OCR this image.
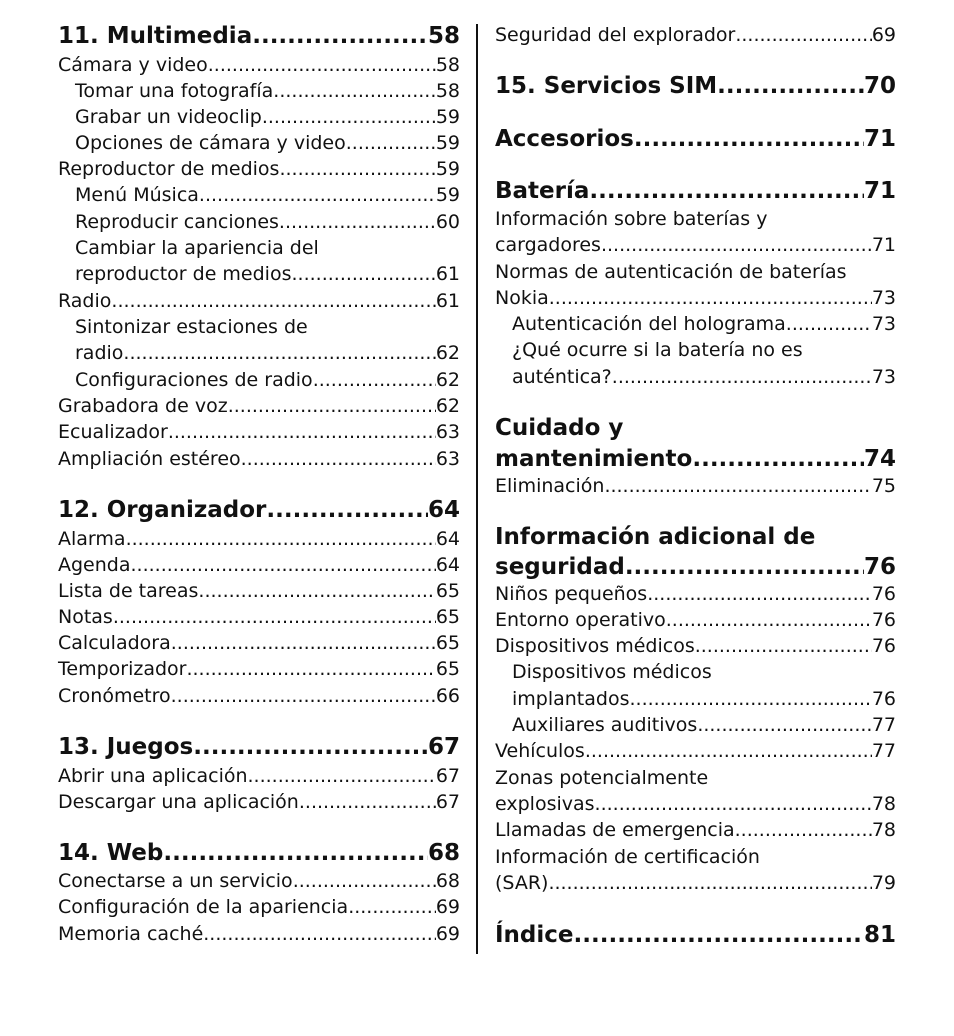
11. Multimedia .....	58
Cámara y video .....	58
Tomar una fotografía .....	58
Grabar un videoclip .....	59
Opciones de cámara y video .....	59
Reproductor de medios .....	59
Menú Música .....	59
Reproducir canciones .....	60
Cambiar la apariencia del
reproductor de medios .....	61
Radio .....	61
Sintonizar estaciones de
radio .....	62
Configuraciones de radio .....	62
Grabadora de voz .....	62
Ecualizador .....	63
Ampliación estéreo .....	63
12. Organizador .....	64
Alarma .....	64
Agenda .....	64
Lista de tareas .....	65
Notas .....	65
Calculadora .....	65
Temporizador .....	65
Cronómetro .....	66
13. Juegos .....	67
Abrir una aplicación .....	67
Descargar una aplicación .....	67
14. Web .....	68
Conectarse a un servicio .....	68
Configuración de la apariencia .....	69
Memoria caché .....	69
Seguridad del explorador .....	69
15. Servicios SIM .....	70
Accesorios .....	71
Batería .....	71
Información sobre baterías y
cargadores .....	71
Normas de autenticación de baterías
Nokia .....	73
Autenticación del holograma .....	73
¿Qué ocurre si la batería no es
auténtica? .....	73
Cuidado y
mantenimiento .....	74
Eliminación .....	75
Información adicional de
seguridad .....	76
Niños pequeños .....	76
Entorno operativo .....	76
Dispositivos médicos .....	76
Dispositivos médicos
implantados .....	76
Auxiliares auditivos .....	77
Vehículos .....	77
Zonas potencialmente
explosivas .....	78
Llamadas de emergencia .....	78
Información de certificación
(SAR) .....	79
Índice .....	81
